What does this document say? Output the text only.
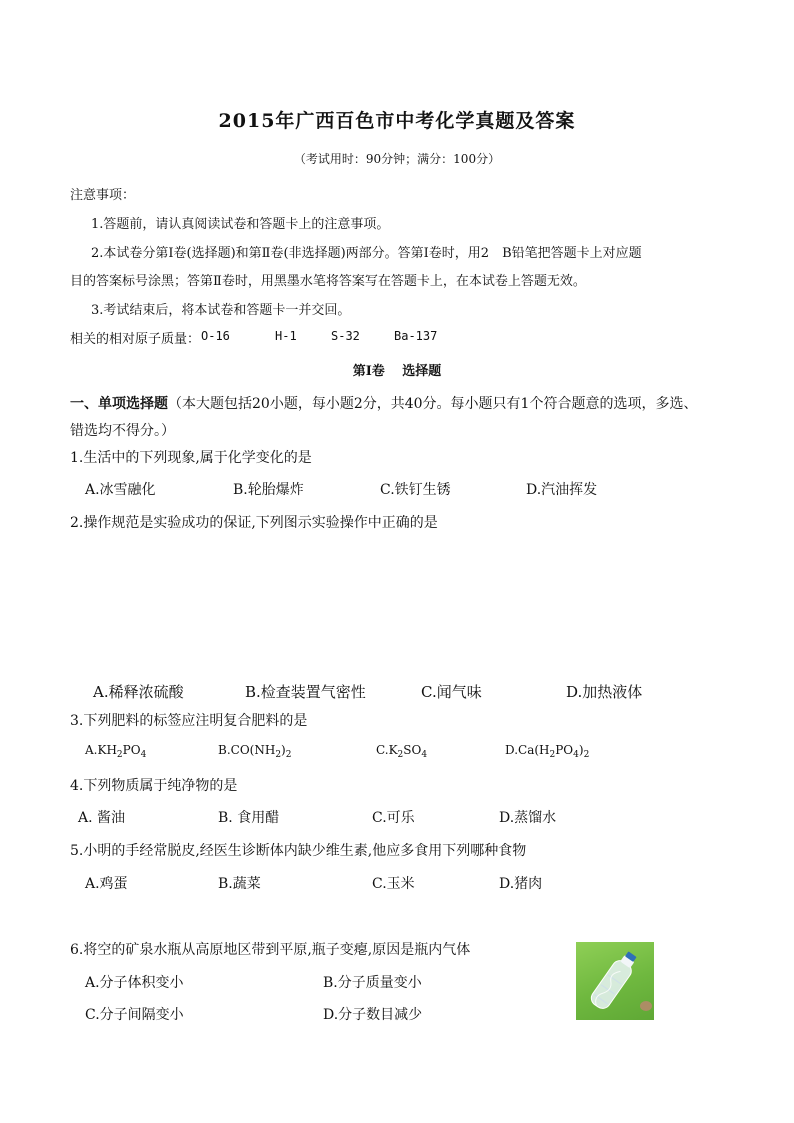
2015年广西百色市中考化学真题及答案
（考试用时：90分钟；满分：100分）
注意事项：
1.答题前，请认真阅读试卷和答题卡上的注意事项。
2.本试卷分第Ⅰ卷(选择题)和第Ⅱ卷(非选择题)两部分。答第Ⅰ卷时，用2　B铅笔把答题卡上对应题
目的答案标号涂黑；答第Ⅱ卷时，用黑墨水笔将答案写在答题卡上，在本试卷上答题无效。
3.考试结束后，将本试卷和答题卡一并交回。
相关的相对原子质量： O-16	H-1	S-32	Ba-137
第Ⅰ卷　 选择题
一、单项选择题（本大题包括20小题，每小题2分，共40分。每小题只有1个符合题意的选项，多选、
错选均不得分。）
1.生活中的下列现象,属于化学变化的是
A.冰雪融化	B.轮胎爆炸	C.铁钉生锈	D.汽油挥发
2.操作规范是实验成功的保证,下列图示实验操作中正确的是
A.稀释浓硫酸	B.检查装置气密性	C.闻气味	D.加热液体
3.下列肥料的标签应注明复合肥料的是
$A.KH_2PO_4$	$B.CO(NH_2)_2$	$C.K_2SO_4$	$D.Ca(H_2PO_4)_2$
4.下列物质属于纯净物的是
A. 酱油	B. 食用醋	C.可乐	D.蒸馏水
5.小明的手经常脱皮,经医生诊断体内缺少维生素,他应多食用下列哪种食物
A.鸡蛋	B.蔬菜	C.玉米	D.猪肉
6.将空的矿泉水瓶从高原地区带到平原,瓶子变瘪,原因是瓶内气体
A.分子体积变小	B.分子质量变小
C.分子间隔变小	D.分子数目减少
